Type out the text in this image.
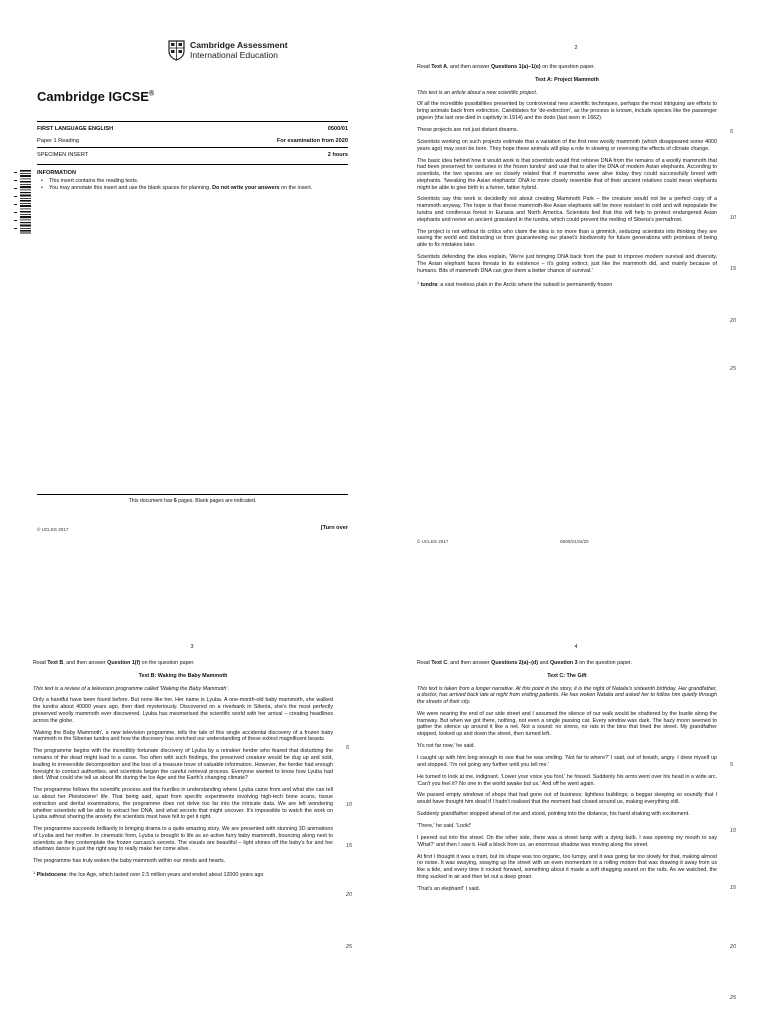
Cambridge Assessment
International Education
Cambridge IGCSE®
FIRST LANGUAGE ENGLISH	0500/01
Paper 1 Reading	For examination from 2020
SPECIMEN INSERT	2 hours
INFORMATION
• This insert contains the reading texts.
• You may annotate this insert and use the blank spaces for planning. Do not write your answers on the insert.
This document has 6 pages. Blank pages are indicated.
© UCLES 2017	[Turn over
2

Read Text A, and then answer Questions 1(a)–1(e) on the question paper.

Text A: Project Mammoth

This text is an article about a new scientific project.

Of all the incredible possibilities presented by controversial new scientific techniques, perhaps the most intriguing are efforts to bring animals back from extinction. Candidates for 'de-extinction', as the process is known, include species like the passenger pigeon (the last one died in captivity in 1914) and the dodo (last seen in 1662).

These projects are not just distant dreams.

Scientists working on such projects estimate that a variation of the first new woolly mammoth (which disappeared some 4000 years ago) may soon be born. They hope these animals will play a role in slowing or reversing the effects of climate change.

The basic idea behind how it would work is that scientists would first retrieve DNA from the remains of a woolly mammoth that had been preserved for centuries in the frozen tundra¹ and use that to alter the DNA of modern Asian elephants. According to scientists, the two species are so closely related that if mammoths were alive today they could successfully breed with elephants. Tweaking the Asian elephants' DNA to more closely resemble that of their ancient relatives could mean elephants might be able to give birth to a furrier, fattier hybrid.

Scientists say this work is decidedly not about creating Mammoth Park – the creature would not be a perfect copy of a mammoth anyway. The hope is that these mammoth-like Asian elephants will be more resistant to cold and will repopulate the tundra and coniferous forest in Eurasia and North America. Scientists feel that this will help to protect endangered Asian elephants and revive an ancient grassland in the tundra, which could prevent the melting of Siberia's permafrost.

The project is not without its critics who claim the idea is no more than a gimmick, seducing scientists into thinking they are saving the world and distracting us from guaranteeing our planet's biodiversity for future generations with promises of being able to fix mistakes later.

Scientists defending the idea explain, 'We're just bringing DNA back from the past to improve modern survival and diversity. The Asian elephant faces threats to its existence – it's going extinct, just like the mammoth did, and mainly because of humans. Bits of mammoth DNA can give them a better chance of survival.'

$^1$ tundra: a vast treeless plain in the Arctic where the subsoil is permanently frozen

5
10
15
20
25
© UCLES 2017	0500/01/SI/20
3

Read Text B, and then answer Question 1(f) on the question paper.

Text B: Waking the Baby Mammoth

This text is a review of a television programme called 'Waking the Baby Mammoth'.

Only a handful have been found before. But none like her. Her name is Lyuba. A one-month-old baby mammoth, she walked the tundra about 40000 years ago, then died mysteriously. Discovered on a riverbank in Siberia, she's the most perfectly preserved woolly mammoth ever discovered. Lyuba has mesmerised the scientific world with her arrival – creating headlines across the globe.

'Waking the Baby Mammoth', a new television programme, tells the tale of this single accidental discovery of a frozen baby mammoth in the Siberian tundra and how the discovery has enriched our understanding of these extinct magnificent beasts.

The programme begins with the incredibly fortunate discovery of Lyuba by a reindeer herder who feared that disturbing the remains of the dead might lead to a curse. Too often with such findings, the preserved creature would be dug up and sold, leading to irreversible decomposition and the loss of a treasure trove of valuable information. However, the herder had enough foresight to contact authorities, and scientists began the careful retrieval process. Everyone wanted to know how Lyuba had died. What could she tell us about life during the Ice Age and the Earth's changing climate?

The programme follows the scientific process and the hurdles in understanding where Lyuba came from and what she can tell us about her Pleistocene¹ life. That being said, apart from specific experiments involving high-tech bone scans, tissue extraction and dental examinations, the programme does not delve too far into the intricate data. We are left wondering whether scientists will be able to extract her DNA, and what secrets that might uncover. It's impossible to watch the work on Lyuba without sharing the anxiety the scientists must have felt to get it right.

The programme succeeds brilliantly in bringing drama to a quite amazing story. We are presented with stunning 3D animations of Lyuba and her mother. In cinematic form, Lyuba is brought to life as an active furry baby mammoth, bouncing along next to scientists as they contemplate the frozen carcass's secrets. The visuals are beautiful – light shines off the baby's fur and her shadows dance in just the right way to really make her come alive.

The programme has truly woken the baby mammoth within our minds and hearts.

$^1$ Pleistocene: the Ice Age, which lasted over 2.5 million years and ended about 12000 years ago

5
10
15
20
25
4

Read Text C, and then answer Questions 2(a)–(d) and Question 3 on the question paper.

Text C: The Gift

This text is taken from a longer narrative. At this point in the story, it is the night of Natalia's sixteenth birthday. Her grandfather, a doctor, has arrived back late at night from visiting patients. He has woken Natalia and asked her to follow him quietly through the streets of their city.

We were nearing the end of our side street and I assumed the silence of our walk would be shattered by the bustle along the tramway. But when we got there, nothing, not even a single passing car. Every window was dark. The hazy moon seemed to gather the silence up around it like a net. Not a sound: no sirens, no rats in the bins that lined the street. My grandfather stopped, looked up and down the street, then turned left.

'It's not far now,' he said.

I caught up with him long enough to see that he was smiling. 'Not far to where?' I said, out of breath, angry. I drew myself up and stopped. 'I'm not going any further until you tell me.'

He turned to look at me, indignant. 'Lower your voice you fool,' he hissed. Suddenly his arms went over his head in a wide arc. 'Can't you feel it? No one in the world awake but us.' And off he went again.

We passed empty windows of shops that had gone out of business; lightless buildings; a beggar sleeping so soundly that I would have thought him dead if I hadn't realised that the moment had closed around us, making everything still.

Suddenly grandfather stopped ahead of me and stood, pointing into the distance, his hand shaking with excitement.

'There,' he said. 'Look!'

I peered out into the street. On the other side, there was a street lamp with a dying bulb. I was opening my mouth to say 'What?' and then I saw it. Half a block from us, an enormous shadow was moving along the street.

At first I thought it was a tram, but its shape was too organic, too lumpy, and it was going far too slowly for that, making almost no noise. It was swaying, swaying up the street with an even momentum in a rolling motion that was drawing it away from us like a tide, and every time it rocked forward, something about it made a soft dragging sound on the rails. As we watched, the thing sucked in air and then let out a deep groan.

'That's an elephant!' I said.

5
10
15
20
25
